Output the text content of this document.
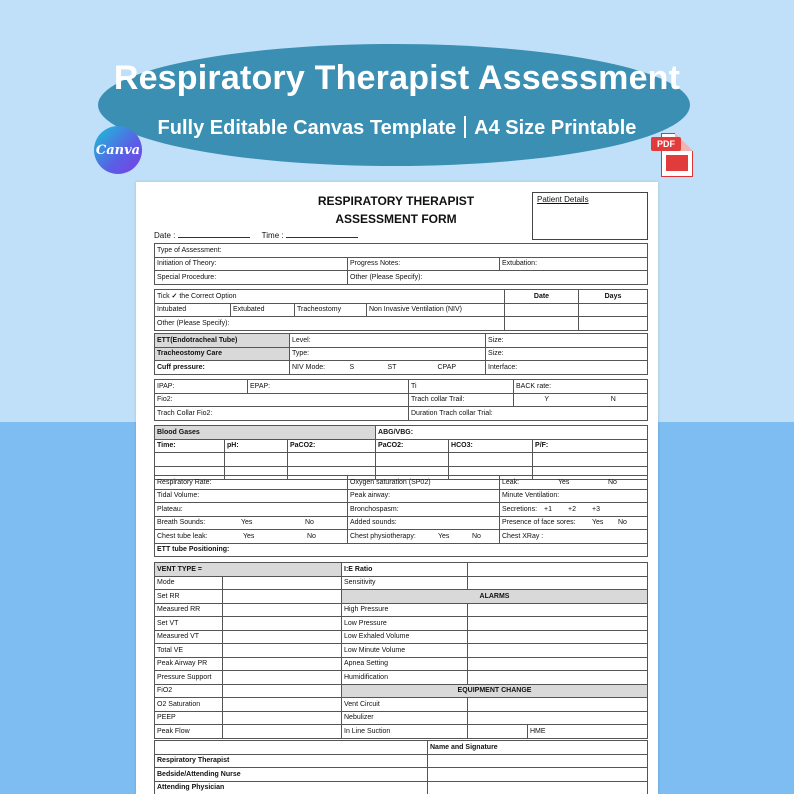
Respiratory Therapist Assessment
Fully Editable Canvas Template A4 Size Printable
Canva	PDF
RESPIRATORY THERAPIST
ASSESSMENT FORM
Patient Details
Date :	Time :
Type of Assessment:		
Initiation of Theory:	Progress Notes:	Extubation:
Special Procedure:	Other (Please Specify):	
Tick ✓ the Correct Option				Date	Days
Intubated	Extubated	Tracheostomy	Non Invasive Ventilation (NIV)		
Other (Please Specify):					
ETT(Endotracheal Tube)	Level:				Size:
Tracheostomy Care	Type:				Size:
Cuff pressure:	NIV Mode:	S	ST	CPAP	Interface:
IPAP:	EPAP:	Ti	BACK rate:	
Fio2:		Trach collar Trail:	Y	N
Trach Collar Fio2:		Duration Trach collar Trial:		
Blood Gases			ABG/VBG:		
Time:	pH:	PaCO2:	PaCO2:	HCO3:	P/F:

Respiratory Rate:	Oxygen saturation (SP02)	Leak: Yes No
Tidal Volume:	Peak airway:	Minute Ventilation:
Plateau:	Bronchospasm:	Secretions: +1 +2 +3
Breath Sounds: Yes No	Added sounds:	Presence of face sores: Yes No
Chest tube leak: Yes No	Chest physiotherapy: Yes No	Chest XRay :
ETT tube Positioning:		
VENT TYPE =		I:E Ratio		
Mode		Sensitivity		
Set RR		ALARMS		
Measured RR		High Pressure		
Set VT		Low Pressure		
Measured VT		Low Exhaled Volume		
Total VE		Low Minute Volume		
Peak Airway PR		Apnea Setting		
Pressure Support		Humidification		
FiO2		EQUIPMENT CHANGE		
O2 Saturation		Vent Circuit		
PEEP		Nebulizer		
Peak Flow		In Line Suction		HME
	Name and Signature
Respiratory Therapist	
Bedside/Attending Nurse	
Attending Physician	
